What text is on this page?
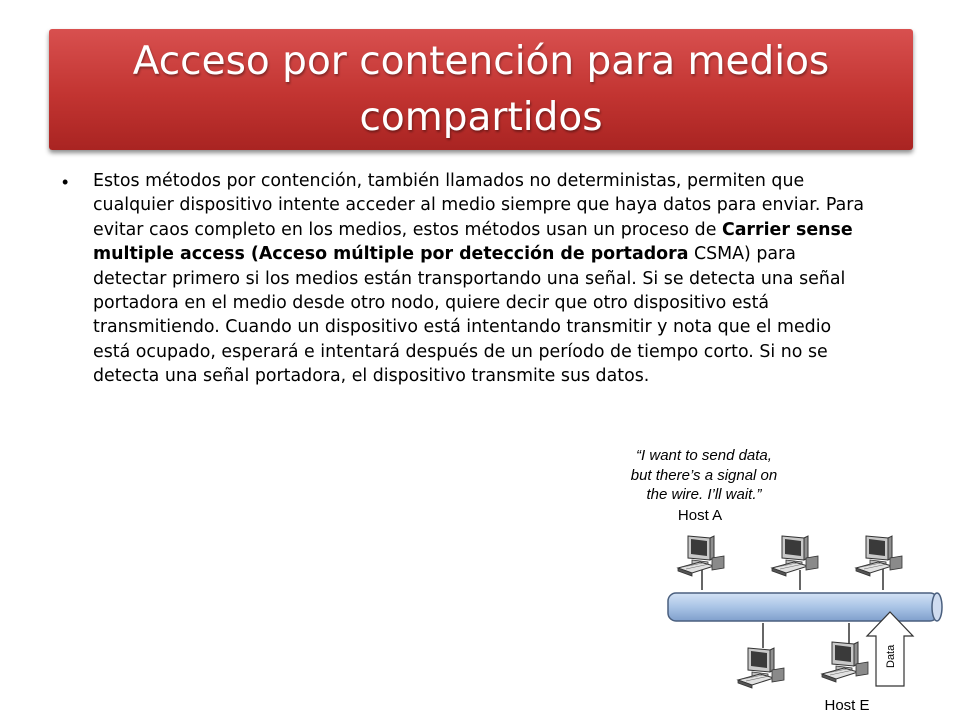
Acceso por contención para medios compartidos
• Estos métodos por contención, también llamados no deterministas, permiten que cualquier dispositivo intente acceder al medio siempre que haya datos para enviar. Para evitar caos completo en los medios, estos métodos usan un proceso de Carrier sense multiple access (Acceso múltiple por detección de portadora CSMA) para detectar primero si los medios están transportando una señal. Si se detecta una señal portadora en el medio desde otro nodo, quiere decir que otro dispositivo está transmitiendo. Cuando un dispositivo está intentando transmitir y nota que el medio está ocupado, esperará e intentará después de un período de tiempo corto. Si no se detecta una señal portadora, el dispositivo transmite sus datos.
“I want to send data,
but there’s a signal on
the wire. I’ll wait.”
Host A
Host E
Data
